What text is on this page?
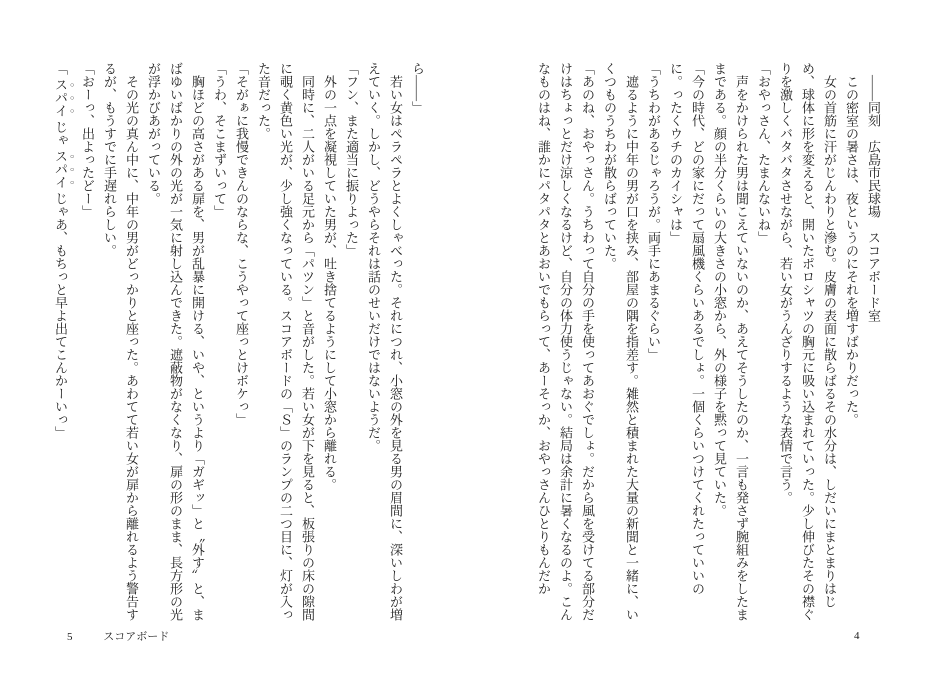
　――同刻　広島市民球場　スコアボード室

　この密室の暑さは、夜というのにそれを増すばかりだった。

　女の首筋に汗がじんわりと滲む。皮膚の表面に散らばるその水分は、しだいにまとまりはじめ、球体に形を変えると、開いたポロシャツの胸元に吸い込まれていった。少し伸びたその襟ぐりを激しくバタバタさせながら、若い女がうんざりするような表情で言う。

「おやっさん、たまんないね」

　声をかけられた男は聞こえていないのか、あえてそうしたのか、一言も発さず腕組みをしたままである。顔の半分くらいの大きさの小窓から、外の様子を黙って見ていた。

「今の時代、どの家にだって扇風機くらいあるでしょ。一個くらいつけてくれたっていいのに。ったくウチのカイシャは」

「うちわがあるじゃろうが。両手にあまるぐらい」

　遮るように中年の男が口を挟み、部屋の隅を指差す。雑然と積まれた大量の新聞と一緒に、いくつものうちわが散らばっていた。

「あのね、おやっさん。うちわって自分の手を使ってあおぐでしょ。だから風を受けてる部分だけはちょっとだけ涼しくなるけど、自分の体力使うじゃない。結局は余計に暑くなるのよ。こんなものはね、誰かにパタパタとあおいでもらって、あーそっか、おやっさんひとりもんだか

ら――」

　若い女はペラペラとよくしゃべった。それにつれ、小窓の外を見る男の眉間に、深いしわが増えていく。しかし、どうやらそれは話のせいだけではないようだ。

「フン、また適当に振りよった」

　外の一点を凝視していた男が、吐き捨てるようにして小窓から離れる。

　同時に、二人がいる足元から「パツン」と音がした。若い女が下を見ると、板張りの床の隙間に覗く黄色い光が、少し強くなっている。スコアボードの「Ｓ」のランプの二つ目に、灯が入った音だった。

「そがぁに我慢できんのならな、こうやって座っとけボケっ」

「うわ、そこまずいって」

　胸ほどの高さがある扉を、男が乱暴に開ける、いや、というより「ガギッ」と〝外す〟と、まばゆいばかりの外の光が一気に射し込んできた。遮蔽物がなくなり、扉の形のまま、長方形の光が浮かびあがっている。

　その光の真ん中に、中年の男がどっかりと座った。あわてて若い女が扉から離れるよう警告するが、もうすでに手遅れらしい。

「おーっ、出よったどー」

「 スパイ じゃ スパイ じゃあ、もちっと早よ出てこんかーいっ」

5	スコアボード	4
